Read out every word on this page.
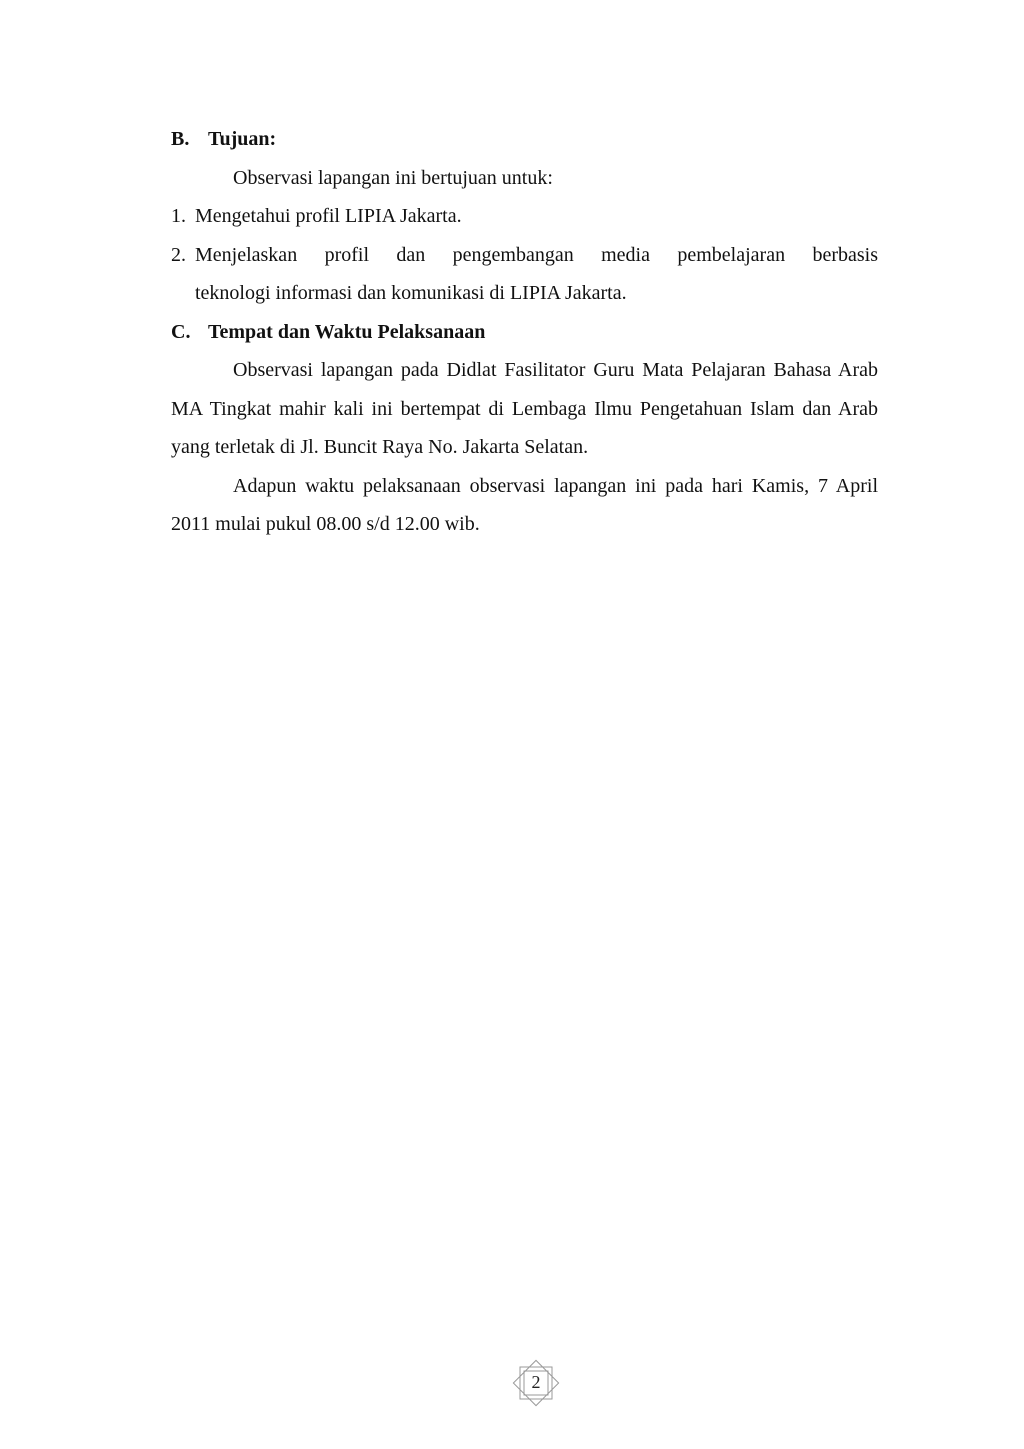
B. Tujuan:

Observasi lapangan ini bertujuan untuk:

1. Mengetahui profil LIPIA Jakarta.
2. Menjelaskan profil dan pengembangan media pembelajaran berbasis
teknologi informasi dan komunikasi di LIPIA Jakarta.

C. Tempat dan Waktu Pelaksanaan

Observasi lapangan pada Didlat Fasilitator Guru Mata Pelajaran Bahasa Arab MA Tingkat mahir kali ini bertempat di Lembaga Ilmu Pengetahuan Islam dan Arab yang terletak di Jl. Buncit Raya No. Jakarta Selatan.

Adapun waktu pelaksanaan observasi lapangan ini pada hari Kamis, 7 April 2011 mulai pukul 08.00 s/d 12.00 wib.

2
